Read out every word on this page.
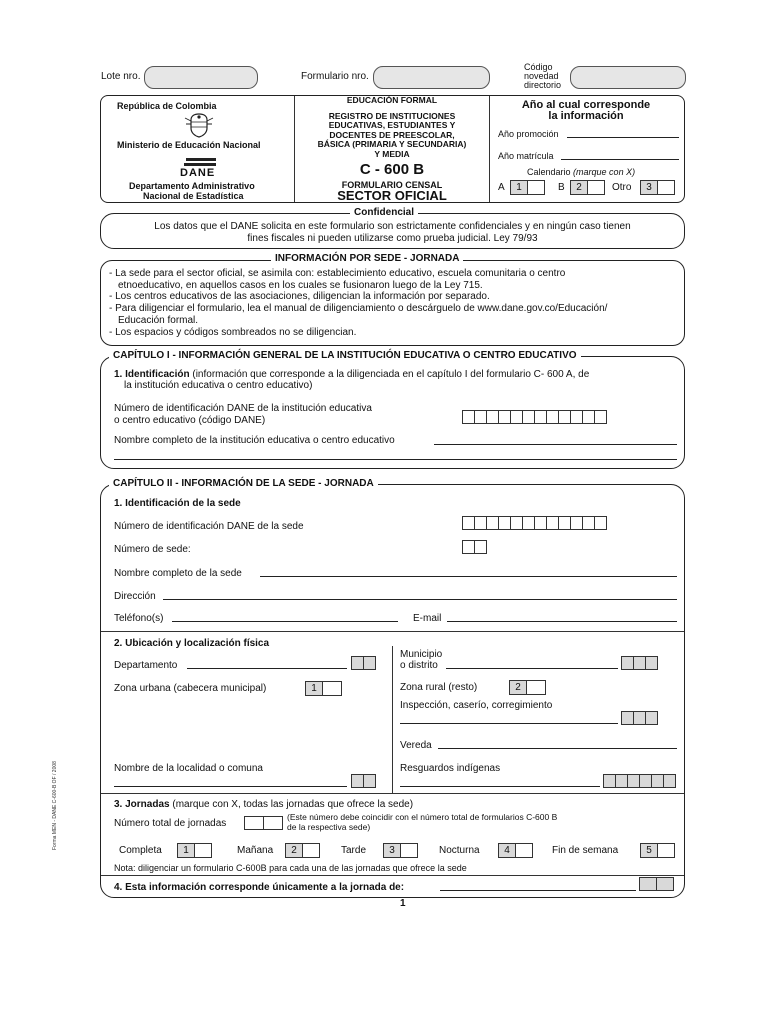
Lote nro.	Formulario nro.
Código
novedad
directorio
República de Colombia
Ministerio de Educación Nacional
DANE
Departamento Administrativo
Nacional de Estadística
EDUCACIÓN FORMAL
REGISTRO DE INSTITUCIONES
EDUCATIVAS, ESTUDIANTES Y
DOCENTES DE PREESCOLAR,
BÁSICA (PRIMARIA Y SECUNDARIA)
Y MEDIA
C - 600 B
FORMULARIO CENSAL
SECTOR OFICIAL
Año al cual corresponde
la información
Año promoción
Año matrícula
Calendario (marque con X)
A	1	B	2	Otro	3
Confidencial
Los datos que el DANE solicita en este formulario son estrictamente confidenciales y en ningún caso tienen
fines fiscales ni pueden utilizarse como prueba judicial. Ley 79/93
INFORMACIÓN POR SEDE - JORNADA
- La sede para el sector oficial, se asimila con: establecimiento educativo, escuela comunitaria o centro
etnoeducativo, en aquellos casos en los cuales se fusionaron luego de la Ley 715.
- Los centros educativos de las asociaciones, diligencian la información por separado.
- Para diligenciar el formulario, lea el manual de diligenciamiento o descárguelo de www.dane.gov.co/Educación/
Educación formal.
- Los espacios y códigos sombreados no se diligencian.
CAPÍTULO I - INFORMACIÓN GENERAL DE LA INSTITUCIÓN EDUCATIVA O CENTRO EDUCATIVO
1. Identificación (información que corresponde a la diligenciada en el capítulo I del formulario C- 600 A, de
la institución educativa o centro educativo)
Número de identificación DANE de la institución educativa
o centro educativo (código DANE)
Nombre completo de la institución educativa o centro educativo
CAPÍTULO II - INFORMACIÓN DE LA SEDE - JORNADA
1. Identificación de la sede
Número de identificación DANE de la sede
Número de sede:
Nombre completo de la sede
Dirección
Teléfono(s)	E-mail
2. Ubicación y localización física
Departamento
Municipio
o distrito
Zona urbana (cabecera municipal)	1	Zona rural (resto)	2
Inspección, caserío, corregimiento
Vereda
Nombre de la localidad o comuna	Resguardos indígenas
3. Jornadas (marque con X, todas las jornadas que ofrece la sede)
Número total de jornadas
(Este número debe coincidir con el número total de formularios C-600 B
de la respectiva sede)
Completa	1	Mañana	2	Tarde	3	Nocturna	4	Fin de semana	5
Nota: diligenciar un formulario C-600B para cada una de las jornadas que ofrece la sede
4. Esta información corresponde únicamente a la jornada de:
1
Forma MEN - DANE C-600-B OF / 2008
